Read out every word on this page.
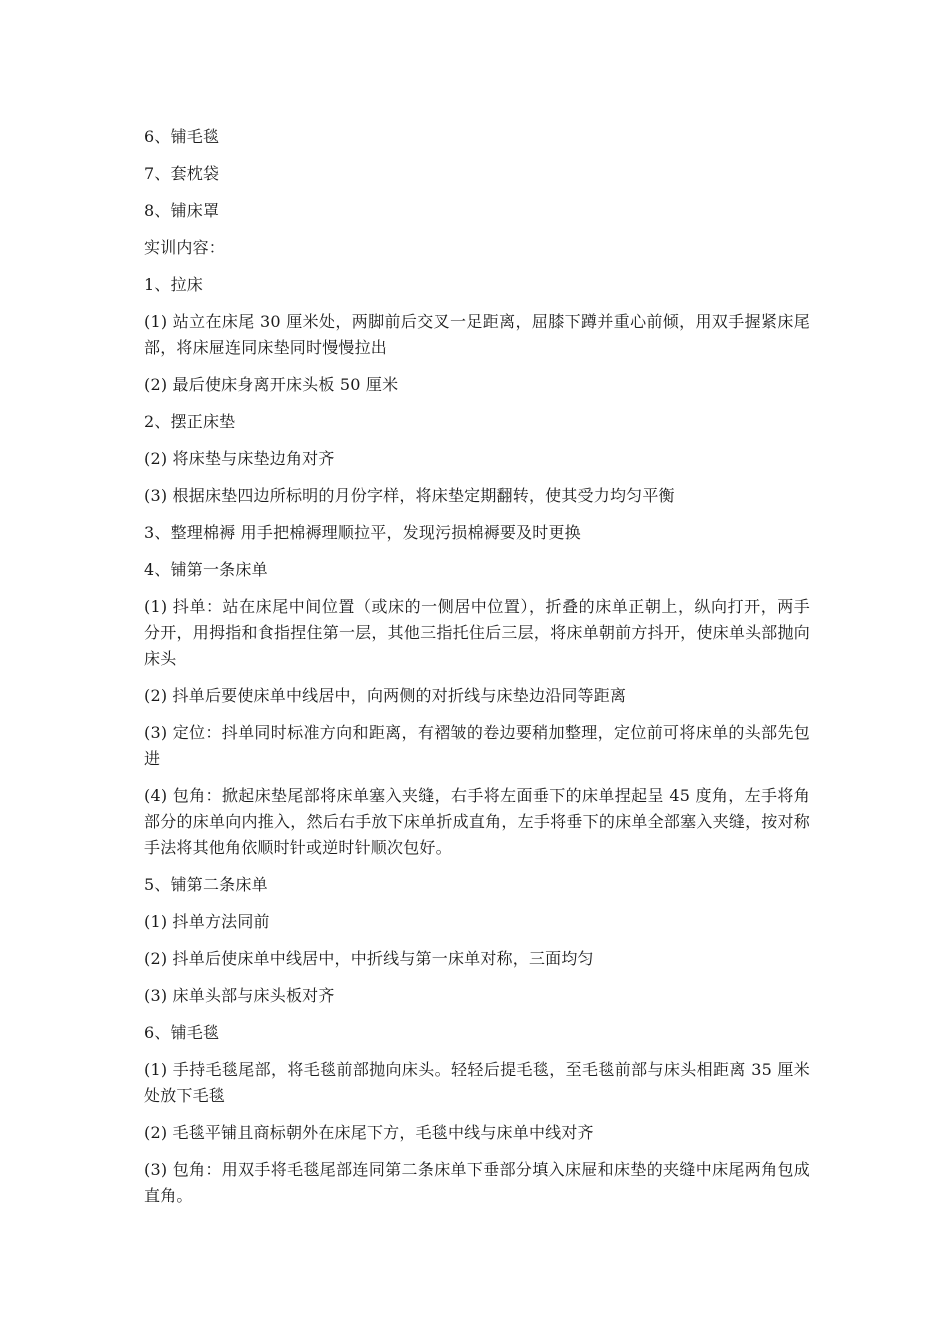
6、铺毛毯

7、套枕袋

8、铺床罩

实训内容：

1、拉床

(1) 站立在床尾 30 厘米处，两脚前后交叉一足距离，屈膝下蹲并重心前倾，用双手握紧床尾部，将床屉连同床垫同时慢慢拉出

(2) 最后使床身离开床头板 50 厘米

2、摆正床垫

(2) 将床垫与床垫边角对齐

(3) 根据床垫四边所标明的月份字样，将床垫定期翻转，使其受力均匀平衡

3、整理棉褥 用手把棉褥理顺拉平，发现污损棉褥要及时更换

4、铺第一条床单

(1) 抖单：站在床尾中间位置（或床的一侧居中位置），折叠的床单正朝上，纵向打开，两手分开，用拇指和食指捏住第一层，其他三指托住后三层，将床单朝前方抖开，使床单头部抛向床头

(2) 抖单后要使床单中线居中，向两侧的对折线与床垫边沿同等距离

(3) 定位：抖单同时标准方向和距离，有褶皱的卷边要稍加整理，定位前可将床单的头部先包进

(4) 包角：掀起床垫尾部将床单塞入夹缝，右手将左面垂下的床单捏起呈 45 度角，左手将角部分的床单向内推入，然后右手放下床单折成直角，左手将垂下的床单全部塞入夹缝，按对称手法将其他角依顺时针或逆时针顺次包好。

5、铺第二条床单

(1) 抖单方法同前

(2) 抖单后使床单中线居中，中折线与第一床单对称，三面均匀

(3) 床单头部与床头板对齐

6、铺毛毯

(1) 手持毛毯尾部，将毛毯前部抛向床头。轻轻后提毛毯，至毛毯前部与床头相距离 35 厘米处放下毛毯

(2) 毛毯平铺且商标朝外在床尾下方，毛毯中线与床单中线对齐

(3) 包角：用双手将毛毯尾部连同第二条床单下垂部分填入床屉和床垫的夹缝中床尾两角包成直角。
